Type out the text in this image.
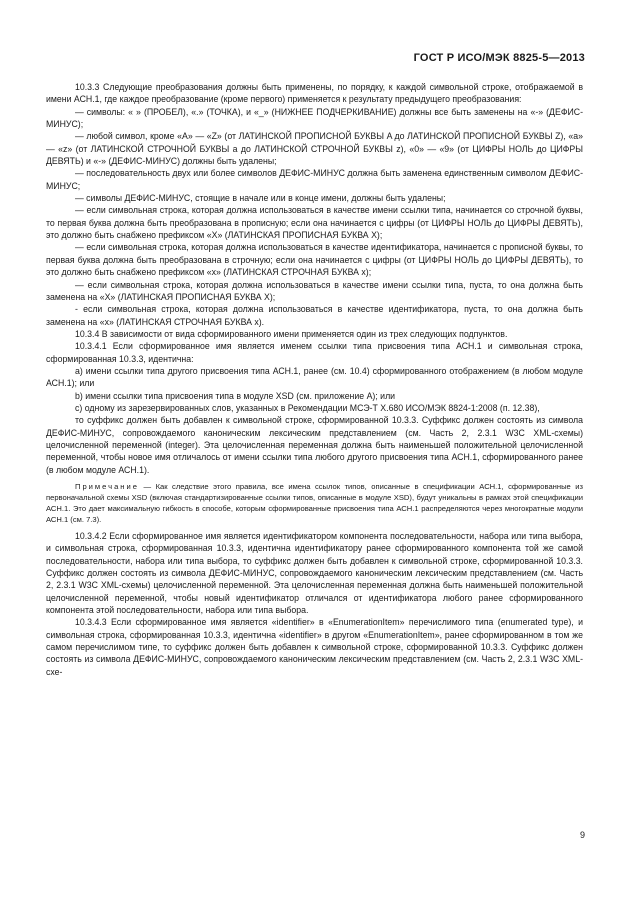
ГОСТ Р ИСО/МЭК 8825-5—2013

10.3.3 Следующие преобразования должны быть применены, по порядку, к каждой символьной строке, отображаемой в имени АСН.1, где каждое преобразование (кроме первого) применяется к результату предыдущего преобразования:

— символы: « » (ПРОБЕЛ), «.» (ТОЧКА), и «_» (НИЖНЕЕ ПОДЧЕРКИВАНИЕ) должны все быть заменены на «-» (ДЕФИС-МИНУС);

— любой символ, кроме «A» — «Z» (от ЛАТИНСКОЙ ПРОПИСНОЙ БУКВЫ A до ЛАТИНСКОЙ ПРОПИСНОЙ БУКВЫ Z), «a» — «z» (от ЛАТИНСКОЙ СТРОЧНОЙ БУКВЫ a до ЛАТИНСКОЙ СТРОЧНОЙ БУКВЫ z), «0» — «9» (от ЦИФРЫ НОЛЬ до ЦИФРЫ ДЕВЯТЬ) и «-» (ДЕФИС-МИНУС) должны быть удалены;

— последовательность двух или более символов ДЕФИС-МИНУС должна быть заменена единственным символом ДЕФИС-МИНУС;

— символы ДЕФИС-МИНУС, стоящие в начале или в конце имени, должны быть удалены;

— если символьная строка, которая должна использоваться в качестве имени ссылки типа, начинается со строчной буквы, то первая буква должна быть преобразована в прописную; если она начинается с цифры (от ЦИФРЫ НОЛЬ до ЦИФРЫ ДЕВЯТЬ), это должно быть снабжено префиксом «X» (ЛАТИНСКАЯ ПРОПИСНАЯ БУКВА X);

— если символьная строка, которая должна использоваться в качестве идентификатора, начинается с прописной буквы, то первая буква должна быть преобразована в строчную; если она начинается с цифры (от ЦИФРЫ НОЛЬ до ЦИФРЫ ДЕВЯТЬ), то это должно быть снабжено префиксом «x» (ЛАТИНСКАЯ СТРОЧНАЯ БУКВА x);

— если символьная строка, которая должна использоваться в качестве имени ссылки типа, пуста, то она должна быть заменена на «X» (ЛАТИНСКАЯ ПРОПИСНАЯ БУКВА X);

- если символьная строка, которая должна использоваться в качестве идентификатора, пуста, то она должна быть заменена на «x» (ЛАТИНСКАЯ СТРОЧНАЯ БУКВА x).

10.3.4 В зависимости от вида сформированного имени применяется один из трех следующих подпунктов.

10.3.4.1 Если сформированное имя является именем ссылки типа присвоения типа АСН.1 и символьная строка, сформированная 10.3.3, идентична:

a) имени ссылки типа другого присвоения типа АСН.1, ранее (см. 10.4) сформированного отображением (в любом модуле АСН.1); или

b) имени ссылки типа присвоения типа в модуле XSD (см. приложение A); или

c) одному из зарезервированных слов, указанных в Рекомендации МСЭ-Т X.680 ИСО/МЭК 8824-1:2008 (п. 12.38),

то суффикс должен быть добавлен к символьной строке, сформированной 10.3.3. Суффикс должен состоять из символа ДЕФИС-МИНУС, сопровождаемого каноническим лексическим представлением (см. Часть 2, 2.3.1 W3C XML-схемы) целочисленной переменной (integer). Эта целочисленная переменная должна быть наименьшей положительной целочисленной переменной, чтобы новое имя отличалось от имени ссылки типа любого другого присвоения типа АСН.1, сформированного ранее (в любом модуле АСН.1).

Примечание — Как следствие этого правила, все имена ссылок типов, описанные в спецификации АСН.1, сформированные из первоначальной схемы XSD (включая стандартизированные ссылки типов, описанные в модуле XSD), будут уникальны в рамках этой спецификации АСН.1. Это дает максимальную гибкость в способе, которым сформированные присвоения типа АСН.1 распределяются через многократные модули АСН.1 (см. 7.3).

10.3.4.2 Если сформированное имя является идентификатором компонента последовательности, набора или типа выбора, и символьная строка, сформированная 10.3.3, идентична идентификатору ранее сформированного компонента той же самой последовательности, набора или типа выбора, то суффикс должен быть добавлен к символьной строке, сформированной 10.3.3. Суффикс должен состоять из символа ДЕФИС-МИНУС, сопровождаемого каноническим лексическим представлением (см. Часть 2, 2.3.1 W3C XML-схемы) целочисленной переменной. Эта целочисленная переменная должна быть наименьшей положительной целочисленной переменной, чтобы новый идентификатор отличался от идентификатора любого ранее сформированного компонента этой последовательности, набора или типа выбора.

10.3.4.3 Если сформированное имя является «identifier» в «EnumerationItem» перечислимого типа (enumerated type), и символьная строка, сформированная 10.3.3, идентична «identifier» в другом «EnumerationItem», ранее сформированном в том же самом перечислимом типе, то суффикс должен быть добавлен к символьной строке, сформированной 10.3.3. Суффикс должен состоять из символа ДЕФИС-МИНУС, сопровождаемого каноническим лексическим представлением (см. Часть 2, 2.3.1 W3C XML-схе-

9
